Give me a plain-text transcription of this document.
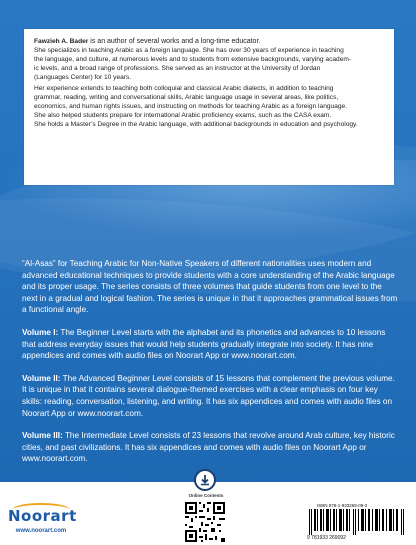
Fawzieh A. Bader is an author of several works and a long-time educator.

She specializes in teaching Arabic as a foreign language. She has over 30 years of experience in teaching

the language, and culture, at numerous levels and to students from extensive backgrounds, varying academ-

ic levels, and a broad range of professions. She served as an instructor at the University of Jordan

(Languages Center) for 10 years.

Her experience extends to teaching both colloquial and classical Arabic dialects, in addition to teaching

grammar, reading, writing and conversational skills, Arabic language usage in several areas, like politics,

economics, and human rights issues, and instructing on methods for teaching Arabic as a foreign language.

She also helped students prepare for international Arabic proficiency exams, such as the CASA exam.

She holds a Master’s Degree in the Arabic language, with additional backgrounds in education and psychology.

“Al-Asas” for Teaching Arabic for Non-Native Speakers of different nationalities uses modern and advanced educational techniques to provide students with a core understanding of the Arabic language and its proper usage. The series consists of three volumes that guide students from one level to the next in a gradual and logical fashion. The series is unique in that it approaches grammatical issues from a functional angle.

Volume I: The Beginner Level starts with the alphabet and its phonetics and advances to 10 lessons that address everyday issues that would help students gradually integrate into society. It has nine appendices and comes with audio files on Noorart App or www.noorart.com.

Volume II: The Advanced Beginner Level consists of 15 lessons that complement the previous volume. It is unique in that it contains several dialogue-themed exercises with a clear emphasis on four key skills: reading, conversation, listening, and writing. It has six appendices and comes with audio files on Noorart App or www.noorart.com.

Volume III: The Intermediate Level consists of 23 lessons that revolve around Arab culture, key historic cities, and past civilizations. It has six appendices and comes with audio files on Noorart App or www.noorart.com.

Noorart
www.noorart.com
Online Contents
ISBN 978-1-933269-09-2
9 781933 269092
